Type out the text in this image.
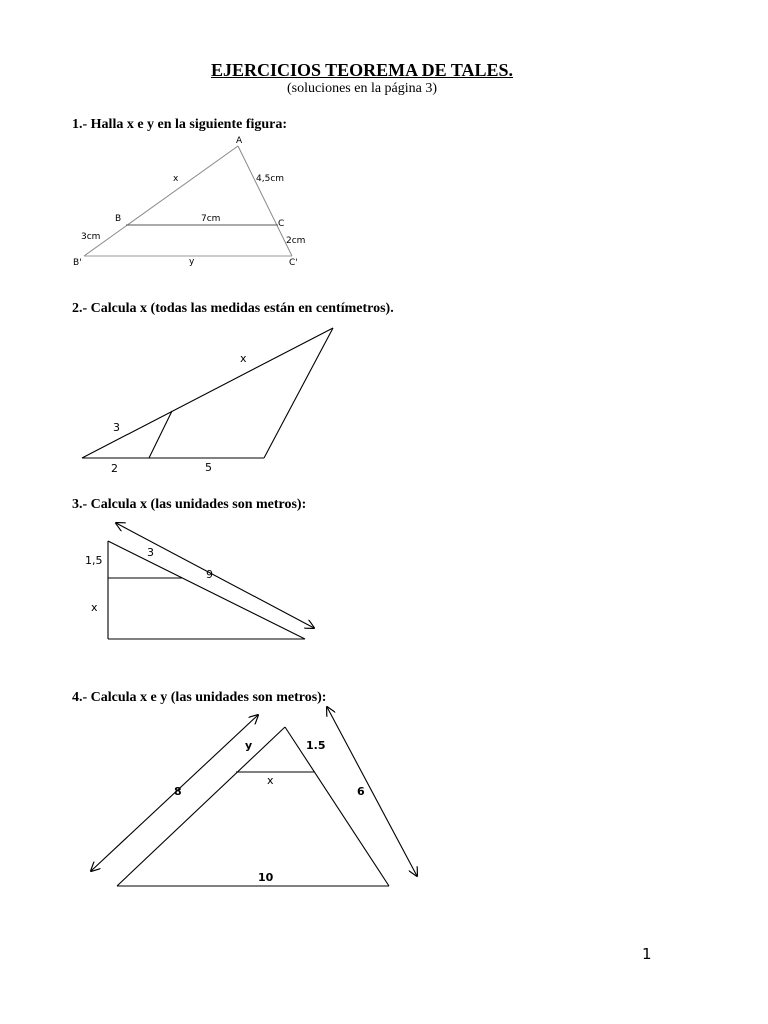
EJERCICIOS TEOREMA DE TALES.
(soluciones en la página 3)
1.- Halla x e y en la siguiente figura:
2.- Calcula x (todas las medidas están en centímetros).
3.- Calcula x (las unidades son metros):
4.- Calcula x e y (las unidades son metros):
A
B	C
B'	C'
x
y
4,5cm
7cm
3cm	2cm
x
3
2	5
1,5
x
3
9
y	1.5
x
8	6
10
1
